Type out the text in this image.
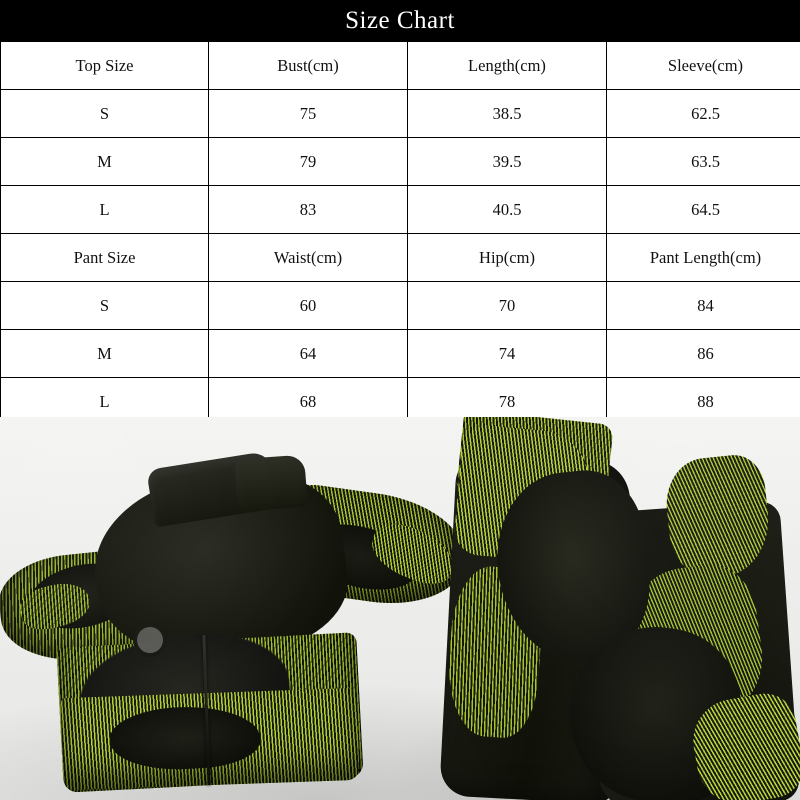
Size Chart
Top Size	Bust(cm)	Length(cm)	Sleeve(cm)
S	75	38.5	62.5
M	79	39.5	63.5
L	83	40.5	64.5
Pant Size	Waist(cm)	Hip(cm)	Pant Length(cm)
S	60	70	84
M	64	74	86
L	68	78	88
